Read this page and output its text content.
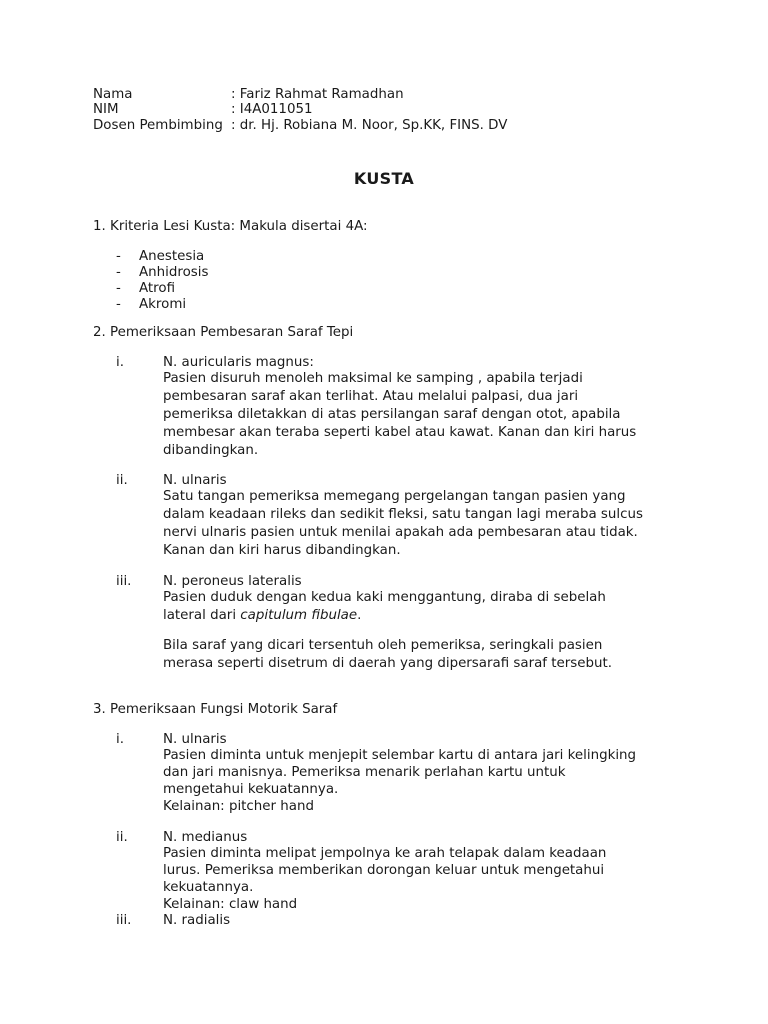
Nama	: Fariz Rahmat Ramadhan
NIM	: I4A011051
Dosen Pembimbing : dr. Hj. Robiana M. Noor, Sp.KK, FINS. DV
KUSTA
1. Kriteria Lesi Kusta: Makula disertai 4A:
- Anestesia
- Anhidrosis
- Atrofi
- Akromi
2. Pemeriksaan Pembesaran Saraf Tepi
i.	N. auricularis magnus:
Pasien disuruh menoleh maksimal ke samping , apabila terjadi
pembesaran saraf akan terlihat. Atau melalui palpasi, dua jari
pemeriksa diletakkan di atas persilangan saraf dengan otot, apabila
membesar akan teraba seperti kabel atau kawat. Kanan dan kiri harus
dibandingkan.
ii.	N. ulnaris
Satu tangan pemeriksa memegang pergelangan tangan pasien yang
dalam keadaan rileks dan sedikit fleksi, satu tangan lagi meraba sulcus
nervi ulnaris pasien untuk menilai apakah ada pembesaran atau tidak.
Kanan dan kiri harus dibandingkan.
iii. N. peroneus lateralis
Pasien duduk dengan kedua kaki menggantung, diraba di sebelah
lateral dari capitulum fibulae.
Bila saraf yang dicari tersentuh oleh pemeriksa, seringkali pasien
merasa seperti disetrum di daerah yang dipersarafi saraf tersebut.
3. Pemeriksaan Fungsi Motorik Saraf
i.	N. ulnaris
Pasien diminta untuk menjepit selembar kartu di antara jari kelingking
dan jari manisnya. Pemeriksa menarik perlahan kartu untuk
mengetahui kekuatannya.
Kelainan: pitcher hand
ii.	N. medianus
Pasien diminta melipat jempolnya ke arah telapak dalam keadaan
lurus. Pemeriksa memberikan dorongan keluar untuk mengetahui
kekuatannya.
Kelainan: claw hand
iii. N. radialis
